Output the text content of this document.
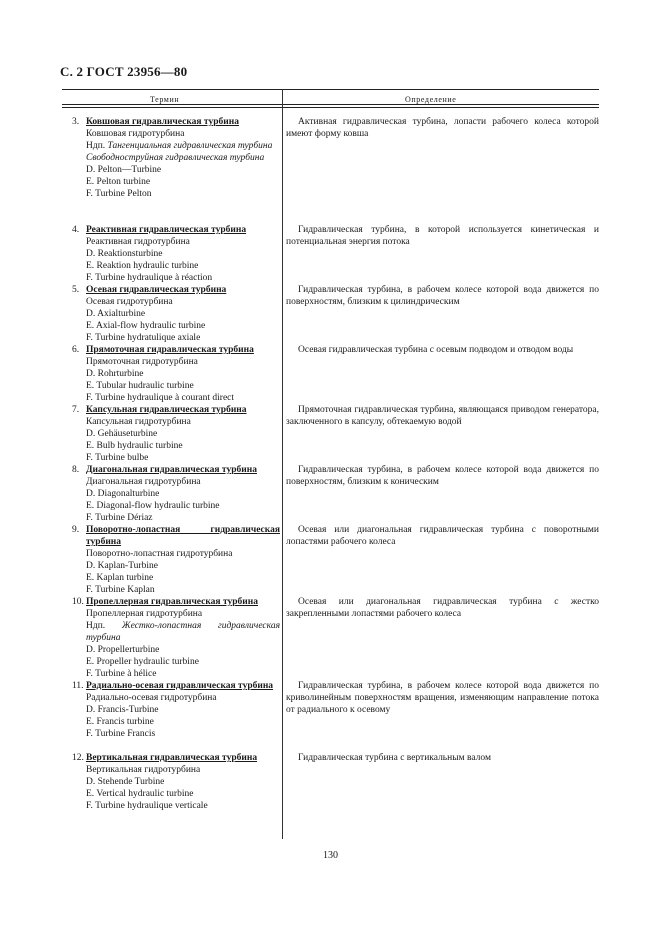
С. 2 ГОСТ 23956—80
Термин	Определение
3. Ковшовая гидравлическая турбина
Ковшовая гидротурбина
Ндп. Тангенциальная гидравлическая турбина
Свободноструйная гидравлическая турбина
D. Pelton—Turbine
E. Pelton turbine
F. Turbine Pelton
Активная гидравлическая турбина, лопасти рабочего колеса которой имеют форму ковша
4. Реактивная гидравлическая турбина
Реактивная гидротурбина
D. Reaktionsturbine
E. Reaktion hydraulic turbine
F. Turbine hydraulique à réaction
Гидравлическая турбина, в которой используется кинетическая и потенциальная энергия потока
5. Осевая гидравлическая турбина
Осевая гидротурбина
D. Axialturbine
E. Axial-flow hydraulic turbine
F. Turbine hydratulique axiale
Гидравлическая турбина, в рабочем колесе которой вода движется по поверхностям, близким к цилиндрическим
6. Прямоточная гидравлическая турбина
Прямоточная гидротурбина
D. Rohrturbine
E. Tubular hudraulic turbine
F. Turbine hydraulique à courant direct
Осевая гидравлическая турбина с осевым подводом и отводом воды
7. Капсульная гидравлическая турбина
Капсульная гидротурбина
D. Gehäuseturbine
E. Bulb hydraulic turbine
F. Turbine bulbe
Прямоточная гидравлическая турбина, являющаяся приводом генератора, заключенного в капсулу, обтекаемую водой
8. Диагональная гидравлическая турбина
Диагональная гидротурбина
D. Diagonalturbine
E. Diagonal-flow hydraulic turbine
F. Turbine Dériaz
Гидравлическая турбина, в рабочем колесе которой вода движется по поверхностям, близким к коническим
9. Поворотно-лопастная гидравлическая турбина
Поворотно-лопастная гидротурбина
D. Kaplan-Turbine
E. Kaplan turbine
F. Turbine Kaplan
Осевая или диагональная гидравлическая турбина с поворотными лопастями рабочего колеса
10. Пропеллерная гидравлическая турбина
Пропеллерная гидротурбина
Ндп. Жестко-лопастная гидравлическая турбина
D. Propellerturbine
E. Propeller hydraulic turbine
F. Turbine à hélice
Осевая или диагональная гидравлическая турбина с жестко закрепленными лопастями рабочего колеса
11. Радиально-осевая гидравлическая турбина
Радиально-осевая гидротурбина
D. Francis-Turbine
E. Francis turbine
F. Turbine Francis
Гидравлическая турбина, в рабочем колесе которой вода движется по криволинейным поверхностям вращения, изменяющим направление потока от радиального к осевому
12. Вертикальная гидравлическая турбина
Вертикальная гидротурбина
D. Stehende Turbine
E. Vertical hydraulic turbine
F. Turbine hydraulique verticale
Гидравлическая турбина с вертикальным валом
130
